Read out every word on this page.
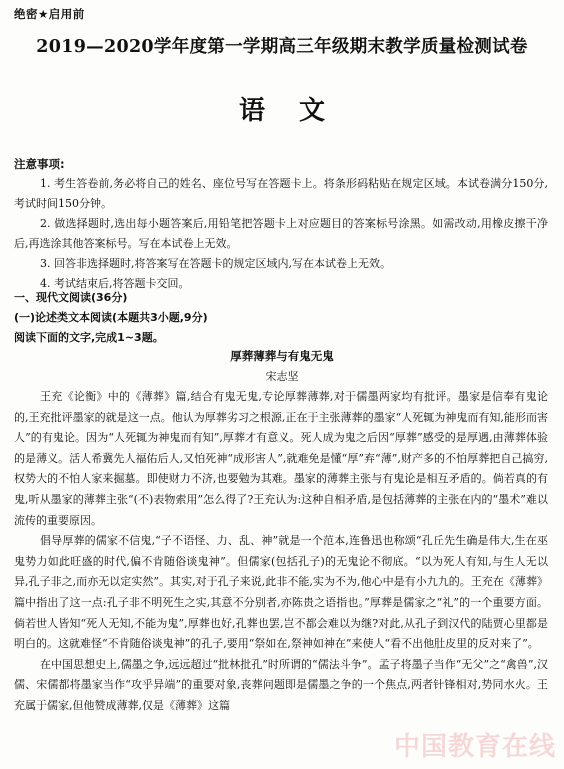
绝密★启用前
2019—2020学年度第一学期高三年级期末教学质量检测试卷
语文
注意事项:

1. 考生答卷前,务必将自己的姓名、座位号写在答题卡上。将条形码粘贴在规定区域。本试卷满分150分,考试时间150分钟。

2. 做选择题时,选出每小题答案后,用铅笔把答题卡上对应题目的答案标号涂黑。如需改动,用橡皮擦干净后,再选涂其他答案标号。写在本试卷上无效。

3. 回答非选择题时,将答案写在答题卡的规定区域内,写在本试卷上无效。

4. 考试结束后,将答题卡交回。

一、现代文阅读(36分)
(一)论述类文本阅读(本题共3小题,9分)
阅读下面的文字,完成1~3题。
厚葬薄葬与有鬼无鬼
宋志坚

王充《论衡》中的《薄葬》篇,结合有鬼无鬼,专论厚葬薄葬,对于儒墨两家均有批评。墨家是信奉有鬼论的,王充批评墨家的就是这一点。他认为厚葬劣习之根源,正在于主张薄葬的墨家“人死辄为神鬼而有知,能形而害人”的有鬼论。因为“人死辄为神鬼而有知”,厚葬才有意义。死人成为鬼之后因“厚葬”感受的是厚遇,由薄葬体验的是薄义。活人希冀先人福佑后人,又怕死神“成形害人”,就难免是懂“厚”弃“薄”,财产多的不怕厚葬把自己搞穷,权势大的不怕人家来掘墓。即使财力不济,也要勉为其难。墨家的薄葬主张与有鬼论是相互矛盾的。倘若真的有鬼,听从墨家的薄葬主张“(不)表物索用”怎么得了?王充认为:这种自相矛盾,是包括薄葬的主张在内的“墨术”难以流传的重要原因。

倡导厚葬的儒家不信鬼,“子不语怪、力、乱、神”就是一个范本,连鲁迅也称颂“孔丘先生确是伟大,生在巫鬼势力如此旺盛的时代,偏不肯随俗谈鬼神”。但儒家(包括孔子)的无鬼论不彻底。“以为死人有知,与生人无以异,孔子非之,而亦无以定实然”。其实,对于孔子来说,此非不能,实为不为,他心中是有小九九的。王充在《薄葬》篇中指出了这一点:孔子非不明死生之实,其意不分别者,亦陈贵之语指也。”厚葬是儒家之“礼”的一个重要方面。倘若世人皆知“死人无知,不能为鬼”,厚葬也好,孔葬也罢,岂不都会难以为继?对此,从孔子到汉代的陆贾心里都是明白的。这就难怪“不肯随俗谈鬼神”的孔子,要用“祭如在,祭神如神在”来使人“看不出他肚皮里的反对来了”。

在中国思想史上,儒墨之争,远远超过“批林批孔”时所谓的“儒法斗争”。孟子将墨子当作“无父”之“禽兽”,汉儒、宋儒都将墨家当作“攻乎异端”的重要对象,丧葬问题即是儒墨之争的一个焦点,两者针锋相对,势同水火。王充属于儒家,但他赞成薄葬,仅是《薄葬》这篇

中国教育在线
